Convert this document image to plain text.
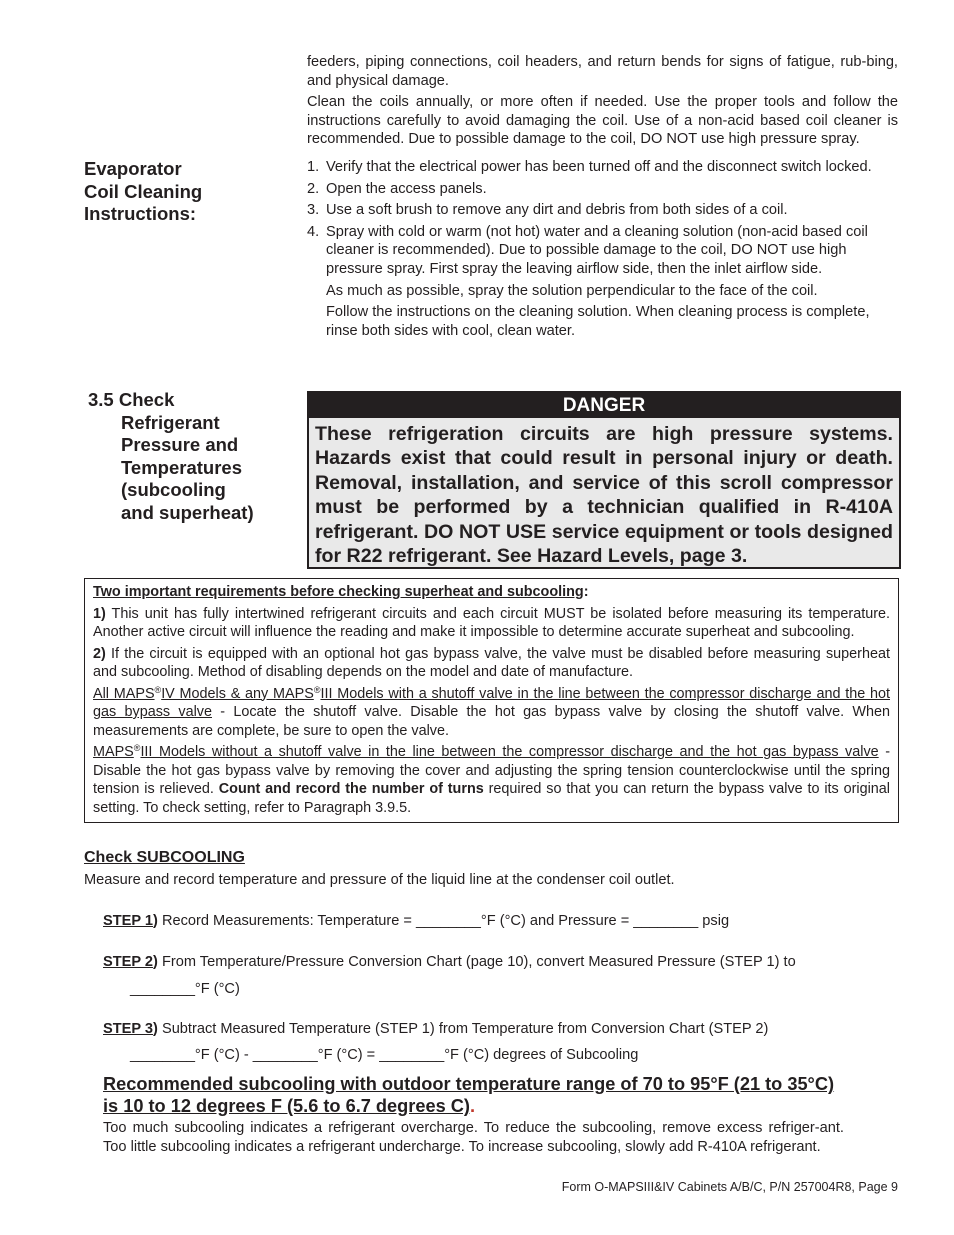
feeders, piping connections, coil headers, and return bends for signs of fatigue, rub-bing, and physical damage.

Clean the coils annually, or more often if needed. Use the proper tools and follow the instructions carefully to avoid damaging the coil. Use of a non-acid based coil cleaner is recommended. Due to possible damage to the coil, DO NOT use high pressure spray.

Evaporator
Coil Cleaning
Instructions:
1. Verify that the electrical power has been turned off and the disconnect switch locked.
2. Open the access panels.
3. Use a soft brush to remove any dirt and debris from both sides of a coil.
4. Spray with cold or warm (not hot) water and a cleaning solution (non-acid based coil cleaner is recommended). Due to possible damage to the coil, DO NOT use high pressure spray. First spray the leaving airflow side, then the inlet airflow side.

As much as possible, spray the solution perpendicular to the face of the coil.

Follow the instructions on the cleaning solution. When cleaning process is complete, rinse both sides with cool, clean water.

3.5 Check
Refrigerant
Pressure and
Temperatures
(subcooling
and superheat)
DANGER
These refrigeration circuits are high pressure systems. Hazards exist that could result in personal injury or death. Removal, installation, and service of this scroll compressor must be performed by a technician qualified in R-410A refrigerant. DO NOT USE service equipment or tools designed for R22 refrigerant. See Hazard Levels, page 3.

Two important requirements before checking superheat and subcooling:

1) This unit has fully intertwined refrigerant circuits and each circuit MUST be isolated before measuring its temperature. Another active circuit will influence the reading and make it impossible to determine accurate superheat and subcooling.

2) If the circuit is equipped with an optional hot gas bypass valve, the valve must be disabled before measuring superheat and subcooling. Method of disabling depends on the model and date of manufacture.

All MAPS®IV Models & any MAPS®III Models with a shutoff valve in the line between the compressor discharge and the hot gas bypass valve - Locate the shutoff valve. Disable the hot gas bypass valve by closing the shutoff valve. When measurements are complete, be sure to open the valve.

MAPS®III Models without a shutoff valve in the line between the compressor discharge and the hot gas bypass valve - Disable the hot gas bypass valve by removing the cover and adjusting the spring tension counterclockwise until the spring tension is relieved. Count and record the number of turns required so that you can return the bypass valve to its original setting. To check setting, refer to Paragraph 3.9.5.

Check SUBCOOLING
Measure and record temperature and pressure of the liquid line at the condenser coil outlet.
STEP 1) Record Measurements: Temperature = ________°F (°C) and Pressure = ________ psig
STEP 2) From Temperature/Pressure Conversion Chart (page 10), convert Measured Pressure (STEP 1) to
________°F (°C)
STEP 3) Subtract Measured Temperature (STEP 1) from Temperature from Conversion Chart (STEP 2)
________°F (°C) - ________°F (°C) = ________°F (°C) degrees of Subcooling
Recommended subcooling with outdoor temperature range of 70 to 95°F (21 to 35°C)
is 10 to 12 degrees F (5.6 to 6.7 degrees C).
Too much subcooling indicates a refrigerant overcharge. To reduce the subcooling, remove excess refriger-ant. Too little subcooling indicates a refrigerant undercharge. To increase subcooling, slowly add R-410A refrigerant.
Form O-MAPSIII&IV Cabinets A/B/C, P/N 257004R8, Page 9
